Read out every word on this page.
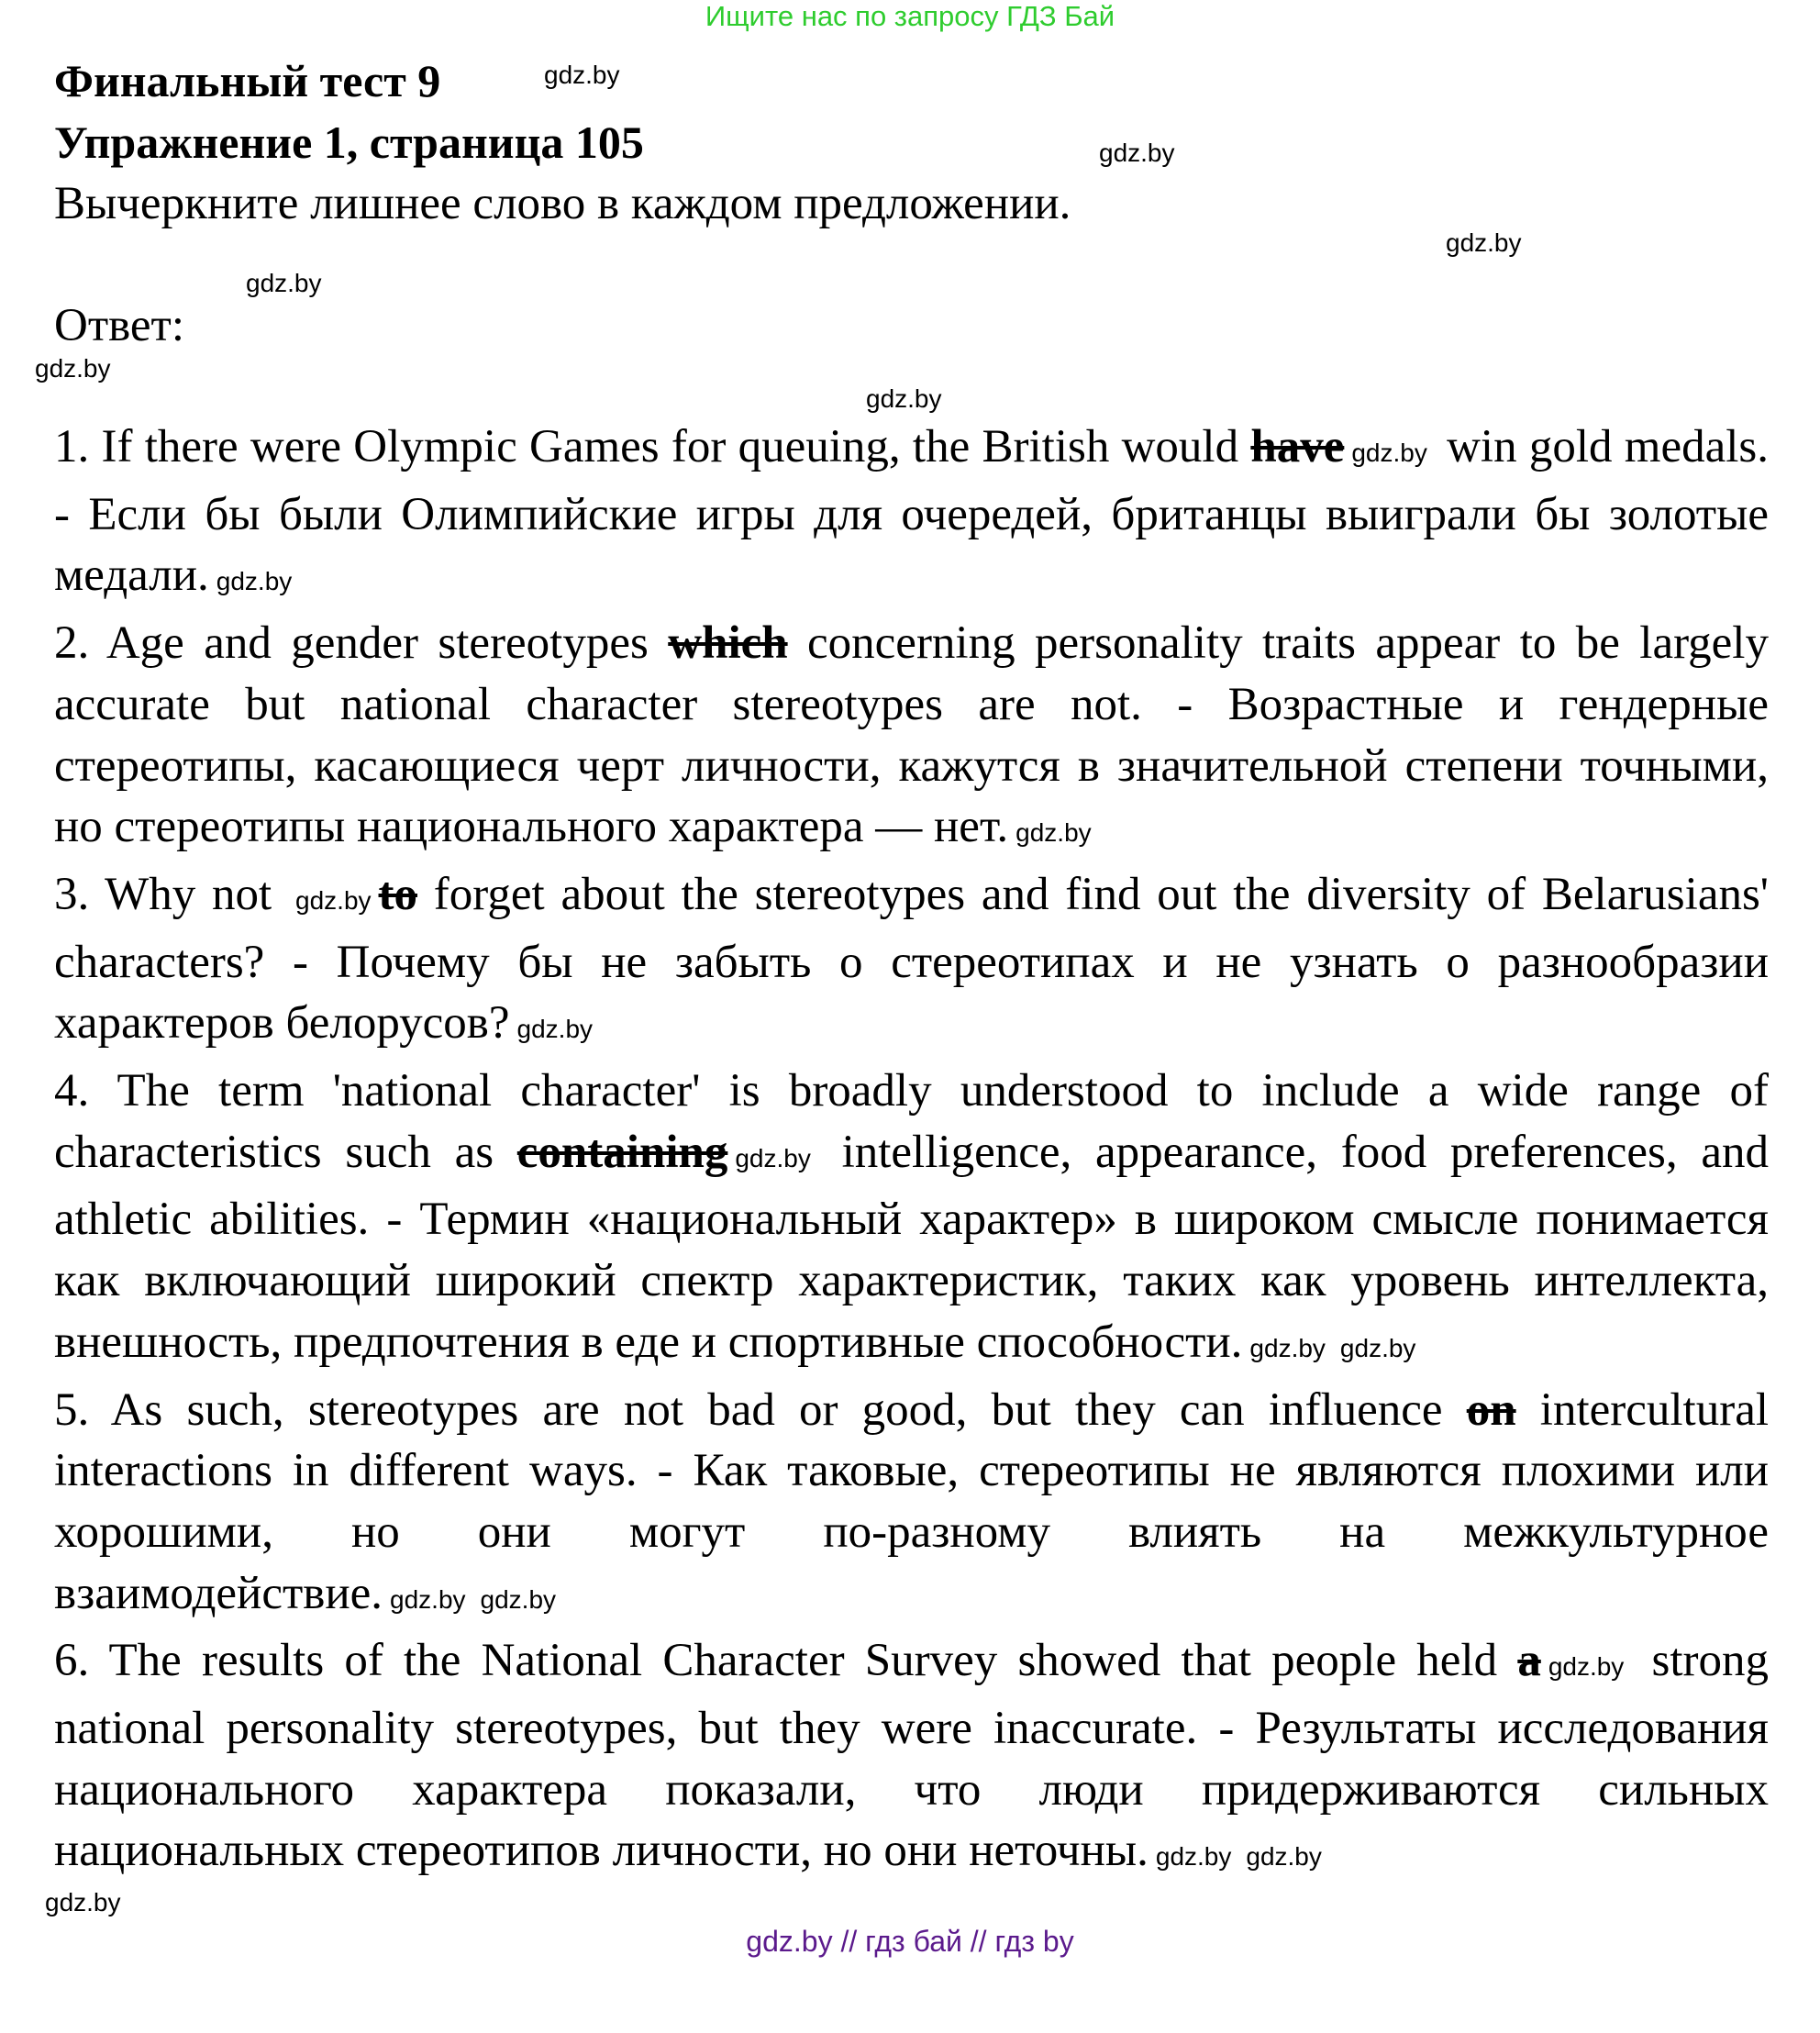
Ищите нас по запросу ГДЗ Бай
Финальный тест 9
Упражнение 1, страница 105
Вычеркните лишнее слово в каждом предложении.
Ответ:
gdz.by
gdz.by
gdz.by
gdz.by
gdz.by
gdz.by

1. If there were Olympic Games for queuing, the British would have gdz.by win gold medals. - Если бы были Олимпийские игры для очередей, британцы выиграли бы золотые медали. gdz.by

2. Age and gender stereotypes which concerning personality traits appear to be largely accurate but national character stereotypes are not. - Возрастные и гендерные стереотипы, касающиеся черт личности, кажутся в значительной степени точными, но стереотипы национального характера — нет. gdz.by

3. Why not gdz.by to forget about the stereotypes and find out the diversity of Belarusians' characters? - Почему бы не забыть о стереотипах и не узнать о разнообразии характеров белорусов? gdz.by

4. The term 'national character' is broadly understood to include a wide range of characteristics such as containing gdz.by intelligence, appearance, food preferences, and athletic abilities. - Термин «национальный характер» в широком смысле понимается как включающий широкий спектр характеристик, таких как уровень интеллекта, внешность, предпочтения в еде и спортивные способности. gdz.by gdz.by

5. As such, stereotypes are not bad or good, but they can influence on intercultural interactions in different ways. - Как таковые, стереотипы не являются плохими или хорошими, но они могут по-разному влиять на межкультурное взаимодействие. gdz.by gdz.by

6. The results of the National Character Survey showed that people held a gdz.by strong national personality stereotypes, but they were inaccurate. - Результаты исследования национального характера показали, что люди придерживаются сильных национальных стереотипов личности, но они неточны. gdz.by gdz.by

gdz.by
gdz.by // гдз бай // гдз by
